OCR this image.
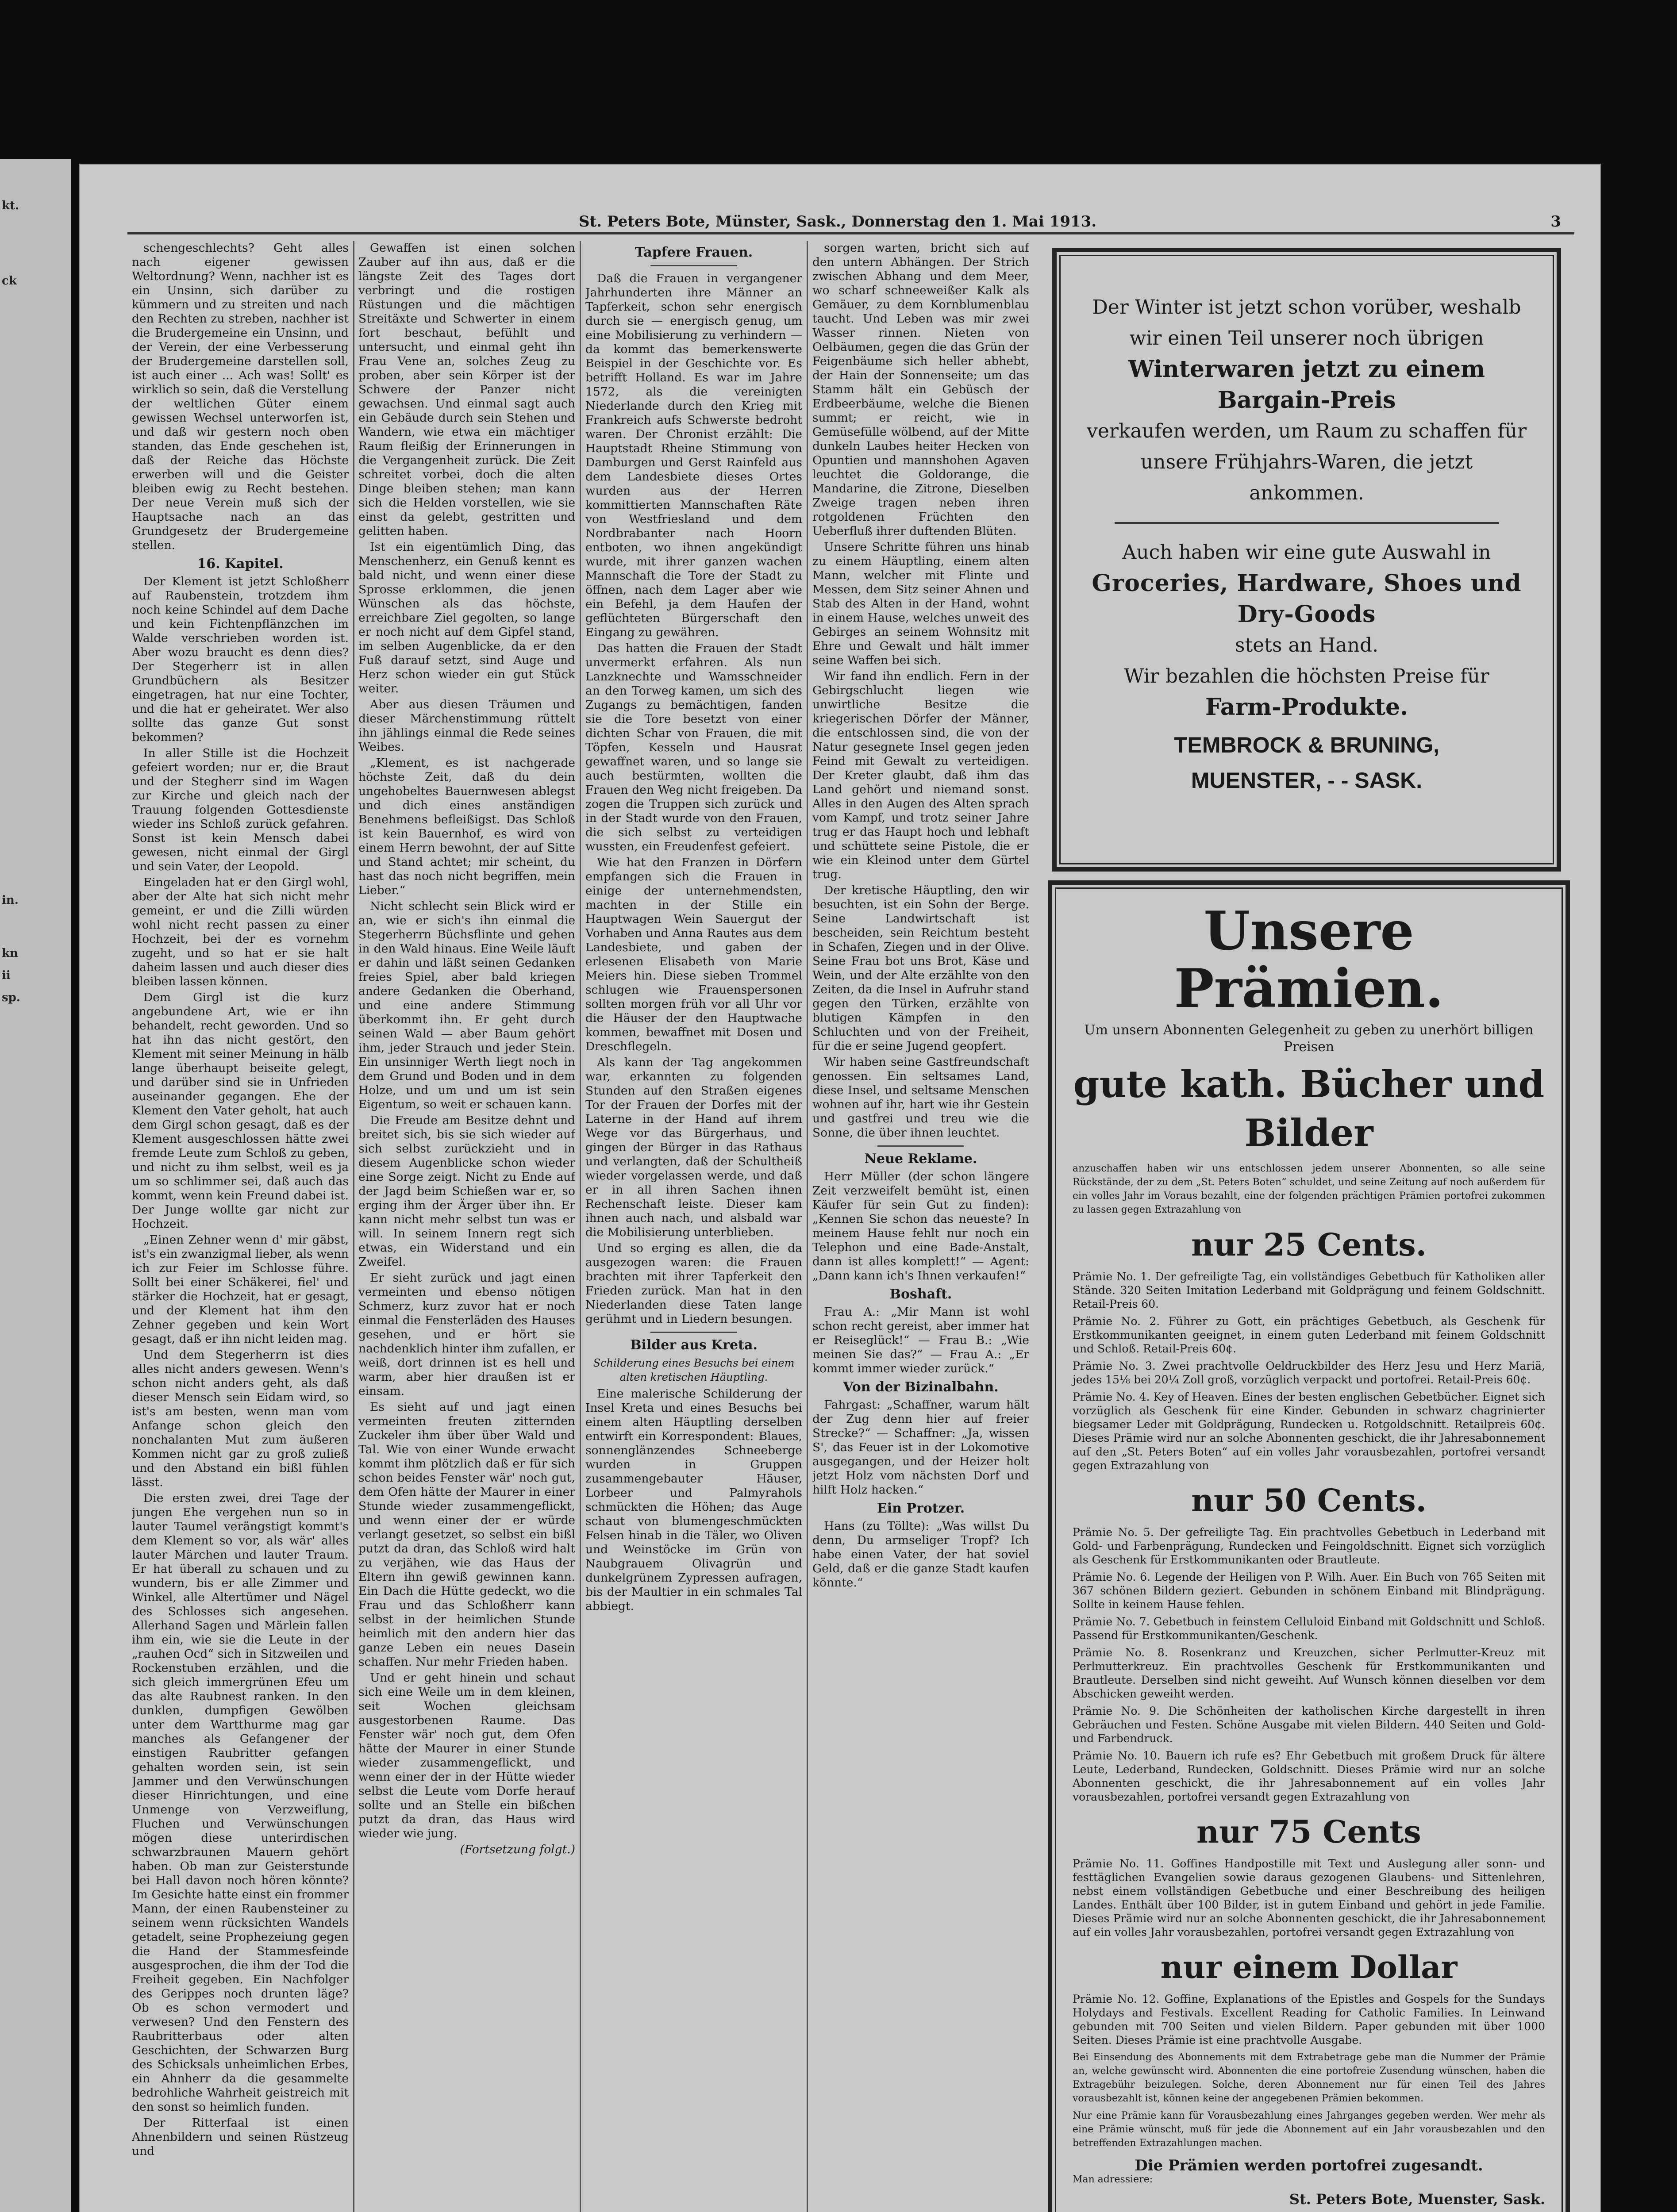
kt.
ck
in.
kn
ii
sp.
St. Peters Bote, Münster, Sask., Donnerstag den 1. Mai 1913.	3

schengeschlechts? Geht alles nach eigener gewissen Weltordnung? Wenn, nachher ist es ein Unsinn, sich darüber zu kümmern und zu streiten und nach den Rechten zu streben, nachher ist die Brudergemeine ein Unsinn, und der Verein, der eine Verbesserung der Brudergemeine darstellen soll, ist auch einer ... Ach was! Sollt' es wirklich so sein, daß die Verstellung der weltlichen Güter einem gewissen Wechsel unterworfen ist, und daß wir gestern noch oben standen, das Ende geschehen ist, daß der Reiche das Höchste erwerben will und die Geister bleiben ewig zu Recht bestehen. Der neue Verein muß sich der Hauptsache nach an das Grundgesetz der Brudergemeine stellen.

16. Kapitel.

Der Klement ist jetzt Schloßherr auf Raubenstein, trotzdem ihm noch keine Schindel auf dem Dache und kein Fichtenpflänzchen im Walde verschrieben worden ist. Aber wozu braucht es denn dies? Der Stegerherr ist in allen Grundbüchern als Besitzer eingetragen, hat nur eine Tochter, und die hat er geheiratet. Wer also sollte das ganze Gut sonst bekommen?

In aller Stille ist die Hochzeit gefeiert worden; nur er, die Braut und der Stegherr sind im Wagen zur Kirche und gleich nach der Trauung folgenden Gottesdienste wieder ins Schloß zurück gefahren. Sonst ist kein Mensch dabei gewesen, nicht einmal der Girgl und sein Vater, der Leopold.

Eingeladen hat er den Girgl wohl, aber der Alte hat sich nicht mehr gemeint, er und die Zilli würden wohl nicht recht passen zu einer Hochzeit, bei der es vornehm zugeht, und so hat er sie halt daheim lassen und auch dieser dies bleiben lassen können.

Dem Girgl ist die kurz angebundene Art, wie er ihn behandelt, recht geworden. Und so hat ihn das nicht gestört, den Klement mit seiner Meinung in hälb lange überhaupt beiseite gelegt, und darüber sind sie in Unfrieden auseinander gegangen. Ehe der Klement den Vater geholt, hat auch dem Girgl schon gesagt, daß es der Klement ausgeschlossen hätte zwei fremde Leute zum Schloß zu geben, und nicht zu ihm selbst, weil es ja um so schlimmer sei, daß auch das kommt, wenn kein Freund dabei ist. Der Junge wollte gar nicht zur Hochzeit.

„Einen Zehner wenn d' mir gäbst, ist's ein zwanzigmal lieber, als wenn ich zur Feier im Schlosse führe. Sollt bei einer Schäkerei, fiel' und stärker die Hochzeit, hat er gesagt, und der Klement hat ihm den Zehner gegeben und kein Wort gesagt, daß er ihn nicht leiden mag.

Und dem Stegerherrn ist dies alles nicht anders gewesen. Wenn's schon nicht anders geht, als daß dieser Mensch sein Eidam wird, so ist's am besten, wenn man vom Anfange schon gleich den nonchalanten Mut zum äußeren Kommen nicht gar zu groß zuließ und den Abstand ein bißl fühlen lässt.

Die ersten zwei, drei Tage der jungen Ehe vergehen nun so in lauter Taumel verängstigt kommt's dem Klement so vor, als wär' alles lauter Märchen und lauter Traum. Er hat überall zu schauen und zu wundern, bis er alle Zimmer und Winkel, alle Altertümer und Nägel des Schlosses sich angesehen. Allerhand Sagen und Märlein fallen ihm ein, wie sie die Leute in der „rauhen Ocd“ sich in Sitzweilen und Rockenstuben erzählen, und die sich gleich immergrünen Efeu um das alte Raubnest ranken. In den dunklen, dumpfigen Gewölben unter dem Wartthurme mag gar manches als Gefangener der einstigen Raubritter gefangen gehalten worden sein, ist sein Jammer und den Verwünschungen dieser Hinrichtungen, und eine Unmenge von Verzweiflung, Fluchen und Verwünschungen mögen diese unterirdischen schwarzbraunen Mauern gehört haben. Ob man zur Geisterstunde bei Hall davon noch hören könnte? Im Gesichte hatte einst ein frommer Mann, der einen Raubensteiner zu seinem wenn rücksichten Wandels getadelt, seine Prophezeiung gegen die Hand der Stammesfeinde ausgesprochen, die ihm der Tod die Freiheit gegeben. Ein Nachfolger des Gerippes noch drunten läge? Ob es schon vermodert und verwesen? Und den Fenstern des Raubritterbaus oder alten Geschichten, der Schwarzen Burg des Schicksals unheimlichen Erbes, ein Ahnherr da die gesammelte bedrohliche Wahrheit geistreich mit den sonst so heimlich funden.

Der Ritterfaal ist einen Ahnenbildern und seinen Rüstzeug und

Gewaffen ist einen solchen Zauber auf ihn aus, daß er die längste Zeit des Tages dort verbringt und die rostigen Rüstungen und die mächtigen Streitäxte und Schwerter in einem fort beschaut, befühlt und untersucht, und einmal geht ihn Frau Vene an, solches Zeug zu proben, aber sein Körper ist der Schwere der Panzer nicht gewachsen. Und einmal sagt auch ein Gebäude durch sein Stehen und Wandern, wie etwa ein mächtiger Raum fleißig der Erinnerungen in die Vergangenheit zurück. Die Zeit schreitet vorbei, doch die alten Dinge bleiben stehen; man kann sich die Helden vorstellen, wie sie einst da gelebt, gestritten und gelitten haben.

Ist ein eigentümlich Ding, das Menschenherz, ein Genuß kennt es bald nicht, und wenn einer diese Sprosse erklommen, die jenen Wünschen als das höchste, erreichbare Ziel gegolten, so lange er noch nicht auf dem Gipfel stand, im selben Augenblicke, da er den Fuß darauf setzt, sind Auge und Herz schon wieder ein gut Stück weiter.

Aber aus diesen Träumen und dieser Märchenstimmung rüttelt ihn jählings einmal die Rede seines Weibes.

„Klement, es ist nachgerade höchste Zeit, daß du dein ungehobeltes Bauernwesen ablegst und dich eines anständigen Benehmens befleißigst. Das Schloß ist kein Bauernhof, es wird von einem Herrn bewohnt, der auf Sitte und Stand achtet; mir scheint, du hast das noch nicht begriffen, mein Lieber.“

Nicht schlecht sein Blick wird er an, wie er sich's ihn einmal die Stegerherrn Büchsflinte und gehen in den Wald hinaus. Eine Weile läuft er dahin und läßt seinen Gedanken freies Spiel, aber bald kriegen andere Gedanken die Oberhand, und eine andere Stimmung überkommt ihn. Er geht durch seinen Wald — aber Baum gehört ihm, jeder Strauch und jeder Stein. Ein unsinniger Werth liegt noch in dem Grund und Boden und in dem Holze, und um und um ist sein Eigentum, so weit er schauen kann.

Die Freude am Besitze dehnt und breitet sich, bis sie sich wieder auf sich selbst zurückzieht und in diesem Augenblicke schon wieder eine Sorge zeigt. Nicht zu Ende auf der Jagd beim Schießen war er, so erging ihm der Ärger über ihn. Er kann nicht mehr selbst tun was er will. In seinem Innern regt sich etwas, ein Widerstand und ein Zweifel.

Er sieht zurück und jagt einen vermeinten und ebenso nötigen Schmerz, kurz zuvor hat er noch einmal die Fensterläden des Hauses gesehen, und er hört sie nachdenklich hinter ihm zufallen, er weiß, dort drinnen ist es hell und warm, aber hier draußen ist er einsam.

Es sieht auf und jagt einen vermeinten freuten zitternden Zuckeler ihm über über Wald und Tal. Wie von einer Wunde erwacht kommt ihm plötzlich daß er für sich schon beides Fenster wär' noch gut, dem Ofen hätte der Maurer in einer Stunde wieder zusammengeflickt, und wenn einer der er würde verlangt gesetzet, so selbst ein bißl putzt da dran, das Schloß wird halt zu verjähen, wie das Haus der Eltern ihn gewiß gewinnen kann. Ein Dach die Hütte gedeckt, wo die Frau und das Schloßherr kann selbst in der heimlichen Stunde heimlich mit den andern hier das ganze Leben ein neues Dasein schaffen. Nur mehr Frieden haben.

Und er geht hinein und schaut sich eine Weile um in dem kleinen, seit Wochen gleichsam ausgestorbenen Raume. Das Fenster wär' noch gut, dem Ofen hätte der Maurer in einer Stunde wieder zusammengeflickt, und wenn einer der in der Hütte wieder selbst die Leute vom Dorfe herauf sollte und an Stelle ein bißchen putzt da dran, das Haus wird wieder wie jung.

(Fortsetzung folgt.)

Tapfere Frauen.

Daß die Frauen in vergangener Jahrhunderten ihre Männer an Tapferkeit, schon sehr energisch durch sie — energisch genug, um eine Mobilisierung zu verhindern — da kommt das bemerkenswerte Beispiel in der Geschichte vor. Es betrifft Holland. Es war im Jahre 1572, als die vereinigten Niederlande durch den Krieg mit Frankreich aufs Schwerste bedroht waren. Der Chronist erzählt: Die Hauptstadt Rheine Stimmung von Damburgen und Gerst Rainfeld aus dem Landesbiete dieses Ortes wurden aus der Herren kommittierten Mannschaften Räte von Westfriesland und dem Nordbrabanter nach Hoorn entboten, wo ihnen angekündigt wurde, mit ihrer ganzen wachen Mannschaft die Tore der Stadt zu öffnen, nach dem Lager aber wie ein Befehl, ja dem Haufen der geflüchteten Bürgerschaft den Eingang zu gewähren.

Das hatten die Frauen der Stadt unvermerkt erfahren. Als nun Lanzknechte und Wamsschneider an den Torweg kamen, um sich des Zugangs zu bemächtigen, fanden sie die Tore besetzt von einer dichten Schar von Frauen, die mit Töpfen, Kesseln und Hausrat gewaffnet waren, und so lange sie auch bestürmten, wollten die Frauen den Weg nicht freigeben. Da zogen die Truppen sich zurück und in der Stadt wurde von den Frauen, die sich selbst zu verteidigen wussten, ein Freudenfest gefeiert.

Wie hat den Franzen in Dörfern empfangen sich die Frauen in einige der unternehmendsten, machten in der Stille ein Hauptwagen Wein Sauergut der Vorhaben und Anna Rautes aus dem Landesbiete, und gaben der erlesenen Elisabeth von Marie Meiers hin. Diese sieben Trommel schlugen wie Frauenspersonen sollten morgen früh vor all Uhr vor die Häuser der den Hauptwache kommen, bewaffnet mit Dosen und Dreschflegeln.

Als kann der Tag angekommen war, erkannten zu folgenden Stunden auf den Straßen eigenes Tor der Frauen der Dorfes mit der Laterne in der Hand auf ihrem Wege vor das Bürgerhaus, und gingen der Bürger in das Rathaus und verlangten, daß der Schultheiß wieder vorgelassen werde, und daß er in all ihren Sachen ihnen Rechenschaft leiste. Dieser kam ihnen auch nach, und alsbald war die Mobilisierung unterblieben.

Und so erging es allen, die da ausgezogen waren: die Frauen brachten mit ihrer Tapferkeit den Frieden zurück. Man hat in den Niederlanden diese Taten lange gerühmt und in Liedern besungen.

Bilder aus Kreta.

Schilderung eines Besuchs bei einem alten kretischen Häuptling.

Eine malerische Schilderung der Insel Kreta und eines Besuchs bei einem alten Häuptling derselben entwirft ein Korrespondent: Blaues, sonnenglänzendes Schneeberge wurden in Gruppen zusammengebauter Häuser, Lorbeer und Palmyrahols schmückten die Höhen; das Auge schaut von blumengeschmückten Felsen hinab in die Täler, wo Oliven und Weinstöcke im Grün von Naubgrauem Olivagrün und dunkelgrünem Zypressen aufragen, bis der Maultier in ein schmales Tal abbiegt.

sorgen warten, bricht sich auf den untern Abhängen. Der Strich zwischen Abhang und dem Meer, wo scharf schneeweißer Kalk als Gemäuer, zu dem Kornblumenblau taucht. Und Leben was mir zwei Wasser rinnen. Nieten von Oelbäumen, gegen die das Grün der Feigenbäume sich heller abhebt, der Hain der Sonnenseite; um das Stamm hält ein Gebüsch der Erdbeerbäume, welche die Bienen summt; er reicht, wie in Gemüsefülle wölbend, auf der Mitte dunkeln Laubes heiter Hecken von Opuntien und mannshohen Agaven leuchtet die Goldorange, die Mandarine, die Zitrone, Dieselben Zweige tragen neben ihren rotgoldenen Früchten den Ueberfluß ihrer duftenden Blüten.

Unsere Schritte führen uns hinab zu einem Häuptling, einem alten Mann, welcher mit Flinte und Messen, dem Sitz seiner Ahnen und Stab des Alten in der Hand, wohnt in einem Hause, welches unweit des Gebirges an seinem Wohnsitz mit Ehre und Gewalt und hält immer seine Waffen bei sich.

Wir fand ihn endlich. Fern in der Gebirgschlucht liegen wie unwirtliche Besitze die kriegerischen Dörfer der Männer, die entschlossen sind, die von der Natur gesegnete Insel gegen jeden Feind mit Gewalt zu verteidigen. Der Kreter glaubt, daß ihm das Land gehört und niemand sonst. Alles in den Augen des Alten sprach vom Kampf, und trotz seiner Jahre trug er das Haupt hoch und lebhaft und schüttete seine Pistole, die er wie ein Kleinod unter dem Gürtel trug.

Der kretische Häuptling, den wir besuchten, ist ein Sohn der Berge. Seine Landwirtschaft ist bescheiden, sein Reichtum besteht in Schafen, Ziegen und in der Olive. Seine Frau bot uns Brot, Käse und Wein, und der Alte erzählte von den Zeiten, da die Insel in Aufruhr stand gegen den Türken, erzählte von blutigen Kämpfen in den Schluchten und von der Freiheit, für die er seine Jugend geopfert.

Wir haben seine Gastfreundschaft genossen. Ein seltsames Land, diese Insel, und seltsame Menschen wohnen auf ihr, hart wie ihr Gestein und gastfrei und treu wie die Sonne, die über ihnen leuchtet.

Neue Reklame.

Herr Müller (der schon längere Zeit verzweifelt bemüht ist, einen Käufer für sein Gut zu finden): „Kennen Sie schon das neueste? In meinem Hause fehlt nur noch ein Telephon und eine Bade-Anstalt, dann ist alles komplett!“ — Agent: „Dann kann ich's Ihnen verkaufen!“

Boshaft.

Frau A.: „Mir Mann ist wohl schon recht gereist, aber immer hat er Reiseglück!“ — Frau B.: „Wie meinen Sie das?“ — Frau A.: „Er kommt immer wieder zurück.“

Von der Bizinalbahn.

Fahrgast: „Schaffner, warum hält der Zug denn hier auf freier Strecke?“ — Schaffner: „Ja, wissen S', das Feuer ist in der Lokomotive ausgegangen, und der Heizer holt jetzt Holz vom nächsten Dorf und hilft Holz hacken.“

Ein Protzer.

Hans (zu Töllte): „Was willst Du denn, Du armseliger Tropf? Ich habe einen Vater, der hat soviel Geld, daß er die ganze Stadt kaufen könnte.“

Der Winter ist jetzt schon vorüber, weshalb wir einen Teil unserer noch übrigen
Winterwaren jetzt zu einem Bargain-Preis
verkaufen werden, um Raum zu schaffen für unsere Frühjahrs-Waren, die jetzt ankommen.
Auch haben wir eine gute Auswahl in
Groceries, Hardware, Shoes und Dry-Goods
stets an Hand.
Wir bezahlen die höchsten Preise für
Farm-Produkte.
TEMBROCK & BRUNING,
MUENSTER, - - SASK.
Unsere Prämien.
Um unsern Abonnenten Gelegenheit zu geben zu unerhört billigen Preisen
gute kath. Bücher und Bilder

anzuschaffen haben wir uns entschlossen jedem unserer Abonnenten, so alle seine Rückstände, der zu dem „St. Peters Boten“ schuldet, und seine Zeitung auf noch außerdem für ein volles Jahr im Voraus bezahlt, eine der folgenden prächtigen Prämien portofrei zukommen zu lassen gegen Extrazahlung von

nur 25 Cents.

Prämie No. 1. Der gefreiligte Tag, ein vollständiges Gebetbuch für Katholiken aller Stände. 320 Seiten Imitation Lederband mit Goldprägung und feinem Goldschnitt. Retail-Preis 60.

Prämie No. 2. Führer zu Gott, ein prächtiges Gebetbuch, als Geschenk für Erstkommunikanten geeignet, in einem guten Lederband mit feinem Goldschnitt und Schloß. Retail-Preis 60¢.

Prämie No. 3. Zwei prachtvolle Oeldruckbilder des Herz Jesu und Herz Mariä, jedes 15⅛ bei 20¼ Zoll groß, vorzüglich verpackt und portofrei. Retail-Preis 60¢.

Prämie No. 4. Key of Heaven. Eines der besten englischen Gebetbücher. Eignet sich vorzüglich als Geschenk für eine Kinder. Gebunden in schwarz chagrinierter biegsamer Leder mit Goldprägung, Rundecken u. Rotgoldschnitt. Retailpreis 60¢. Dieses Prämie wird nur an solche Abonnenten geschickt, die ihr Jahresabonnement auf den „St. Peters Boten“ auf ein volles Jahr vorausbezahlen, portofrei versandt gegen Extrazahlung von

nur 50 Cents.

Prämie No. 5. Der gefreiligte Tag. Ein prachtvolles Gebetbuch in Lederband mit Gold- und Farbenprägung, Rundecken und Feingoldschnitt. Eignet sich vorzüglich als Geschenk für Erstkommunikanten oder Brautleute.

Prämie No. 6. Legende der Heiligen von P. Wilh. Auer. Ein Buch von 765 Seiten mit 367 schönen Bildern geziert. Gebunden in schönem Einband mit Blindprägung. Sollte in keinem Hause fehlen.

Prämie No. 7. Gebetbuch in feinstem Celluloid Einband mit Goldschnitt und Schloß. Passend für Erstkommunikanten/Geschenk.

Prämie No. 8. Rosenkranz und Kreuzchen, sicher Perlmutter-Kreuz mit Perlmutterkreuz. Ein prachtvolles Geschenk für Erstkommunikanten und Brautleute. Derselben sind nicht geweiht. Auf Wunsch können dieselben vor dem Abschicken geweiht werden.

Prämie No. 9. Die Schönheiten der katholischen Kirche dargestellt in ihren Gebräuchen und Festen. Schöne Ausgabe mit vielen Bildern. 440 Seiten und Gold- und Farbendruck.

Prämie No. 10. Bauern ich rufe es? Ehr Gebetbuch mit großem Druck für ältere Leute, Lederband, Rundecken, Goldschnitt. Dieses Prämie wird nur an solche Abonnenten geschickt, die ihr Jahresabonnement auf ein volles Jahr vorausbezahlen, portofrei versandt gegen Extrazahlung von

nur 75 Cents

Prämie No. 11. Goffines Handpostille mit Text und Auslegung aller sonn- und festtäglichen Evangelien sowie daraus gezogenen Glaubens- und Sittenlehren, nebst einem vollständigen Gebetbuche und einer Beschreibung des heiligen Landes. Enthält über 100 Bilder, ist in gutem Einband und gehört in jede Familie. Dieses Prämie wird nur an solche Abonnenten geschickt, die ihr Jahresabonnement auf ein volles Jahr vorausbezahlen, portofrei versandt gegen Extrazahlung von

nur einem Dollar

Prämie No. 12. Goffine, Explanations of the Epistles and Gospels for the Sundays Holydays and Festivals. Excellent Reading for Catholic Families. In Leinwand gebunden mit 700 Seiten und vielen Bildern. Paper gebunden mit über 1000 Seiten. Dieses Prämie ist eine prachtvolle Ausgabe.

Bei Einsendung des Abonnements mit dem Extrabetrage gebe man die Nummer der Prämie an, welche gewünscht wird. Abonnenten die eine portofreie Zusendung wünschen, haben die Extragebühr beizulegen. Solche, deren Abonnement nur für einen Teil des Jahres vorausbezahlt ist, können keine der angegebenen Prämien bekommen.

Nur eine Prämie kann für Vorausbezahlung eines Jahrganges gegeben werden. Wer mehr als eine Prämie wünscht, muß für jede die Abonnement auf ein Jahr vorausbezahlen und den betreffenden Extrazahlungen machen.

Die Prämien werden portofrei zugesandt.
Man adressiere:
St. Peters Bote, Muenster, Sask.
